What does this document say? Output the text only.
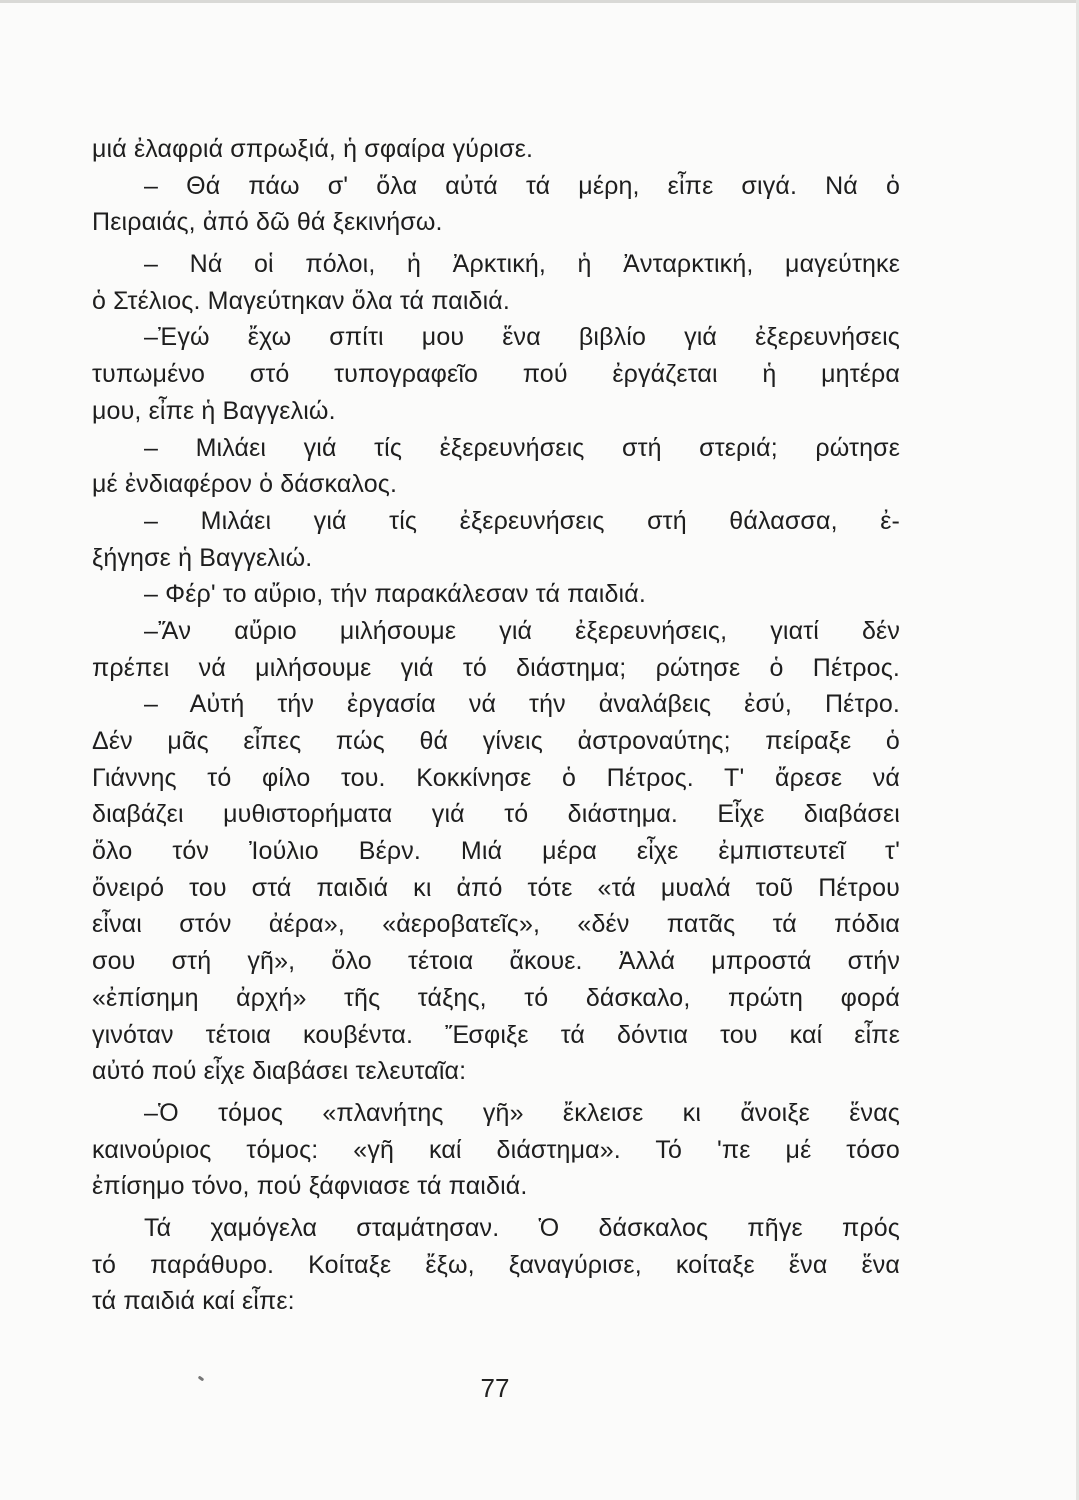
μιά ἐλαφριά σπρωξιά, ἡ σφαίρα γύρισε.
– Θά πάω σ' ὅλα αὐτά τά μέρη, εἶπε σιγά. Νά ὁ
Πειραιάς, ἀπό δῶ θά ξεκινήσω.
– Νά οἱ πόλοι, ἡ Ἀρκτική, ἡ Ἀνταρκτική, μαγεύτηκε
ὁ Στέλιος. Μαγεύτηκαν ὅλα τά παιδιά.
–Ἐγώ ἔχω σπίτι μου ἕνα βιβλίο γιά ἐξερευνήσεις
τυπωμένο στό τυπογραφεῖο πού ἐργάζεται ἡ μητέρα
μου, εἶπε ἡ Βαγγελιώ.
– Μιλάει γιά τίς ἐξερευνήσεις στή στεριά; ρώτησε
μέ ἐνδιαφέρον ὁ δάσκαλος.
– Μιλάει γιά τίς ἐξερευνήσεις στή θάλασσα, ἐ-
ξήγησε ἡ Βαγγελιώ.
– Φέρ' το αὔριο, τήν παρακάλεσαν τά παιδιά.
–Ἄν αὔριο μιλήσουμε γιά ἐξερευνήσεις, γιατί δέν
πρέπει νά μιλήσουμε γιά τό διάστημα; ρώτησε ὁ Πέτρος.
– Αὐτή τήν ἐργασία νά τήν ἀναλάβεις ἐσύ, Πέτρο.
Δέν μᾶς εἶπες πώς θά γίνεις ἀστροναύτης; πείραξε ὁ
Γιάννης τό φίλο του. Κοκκίνησε ὁ Πέτρος. Τ' ἄρεσε νά
διαβάζει μυθιστορήματα γιά τό διάστημα. Εἶχε διαβάσει
ὅλο τόν Ἰούλιο Βέρν. Μιά μέρα εἶχε ἐμπιστευτεῖ τ'
ὄνειρό του στά παιδιά κι ἀπό τότε «τά μυαλά τοῦ Πέτρου
εἶναι στόν ἀέρα», «ἀεροβατεῖς», «δέν πατᾶς τά πόδια
σου στή γῆ», ὅλο τέτοια ἄκουε. Ἀλλά μπροστά στήν
«ἐπίσημη ἀρχή» τῆς τάξης, τό δάσκαλο, πρώτη φορά
γινόταν τέτοια κουβέντα. Ἔσφιξε τά δόντια του καί εἶπε
αὐτό πού εἶχε διαβάσει τελευταῖα:
–Ὁ τόμος «πλανήτης γῆ» ἔκλεισε κι ἄνοιξε ἕνας
καινούριος τόμος: «γῆ καί διάστημα». Τό 'πε μέ τόσο
ἐπίσημο τόνο, πού ξάφνιασε τά παιδιά.
Τά χαμόγελα σταμάτησαν. Ὁ δάσκαλος πῆγε πρός
τό παράθυρο. Κοίταξε ἔξω, ξαναγύρισε, κοίταξε ἕνα ἕνα
τά παιδιά καί εἶπε:
77
